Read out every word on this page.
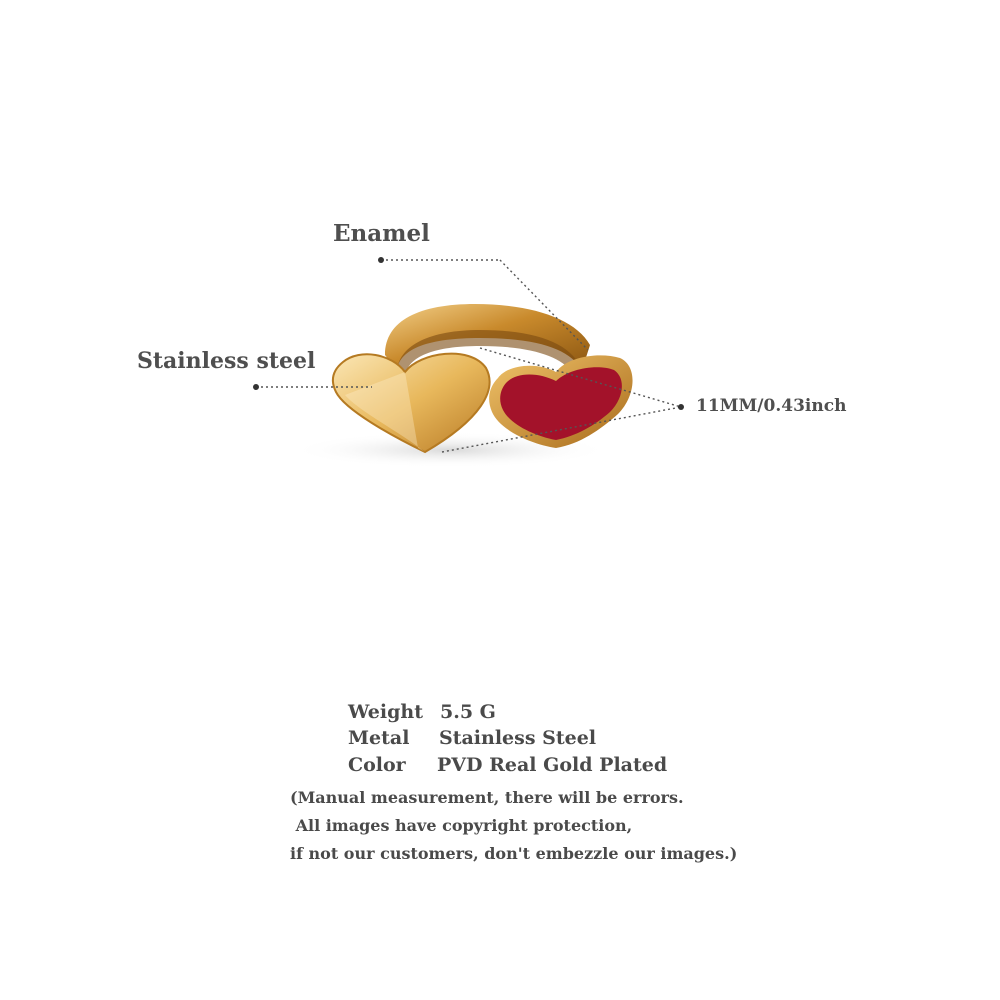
Enamel
Stainless steel
11MM/0.43inch
Weight 5.5 G
Metal Stainless Steel
Color PVD Real Gold Plated
(Manual measurement, there will be errors.
All images have copyright protection,
if not our customers, don't embezzle our images.)
